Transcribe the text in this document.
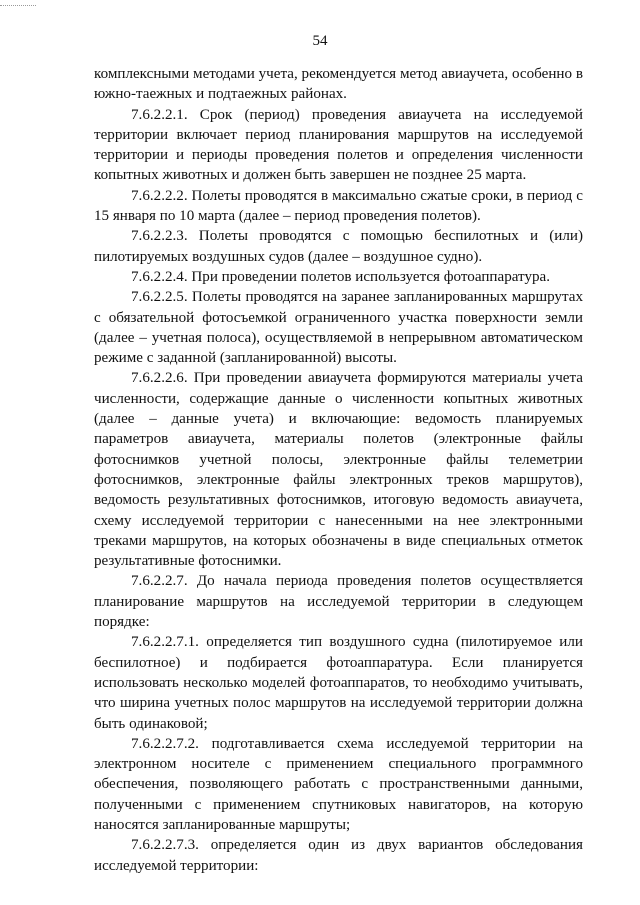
54

комплексными методами учета, рекомендуется метод авиаучета, особенно в южно-таежных и подтаежных районах.

7.6.2.2.1. Срок (период) проведения авиаучета на исследуемой территории включает период планирования маршрутов на исследуемой территории и периоды проведения полетов и определения численности копытных животных и должен быть завершен не позднее 25 марта.

7.6.2.2.2. Полеты проводятся в максимально сжатые сроки, в период с 15 января по 10 марта (далее – период проведения полетов).

7.6.2.2.3. Полеты проводятся с помощью беспилотных и (или) пилотируемых воздушных судов (далее – воздушное судно).

7.6.2.2.4. При проведении полетов используется фотоаппаратура.

7.6.2.2.5. Полеты проводятся на заранее запланированных маршрутах с обязательной фотосъемкой ограниченного участка поверхности земли (далее – учетная полоса), осуществляемой в непрерывном автоматическом режиме с заданной (запланированной) высоты.

7.6.2.2.6. При проведении авиаучета формируются материалы учета численности, содержащие данные о численности копытных животных (далее – данные учета) и включающие: ведомость планируемых параметров авиаучета, материалы полетов (электронные файлы фотоснимков учетной полосы, электронные файлы телеметрии фотоснимков, электронные файлы электронных треков маршрутов), ведомость результативных фотоснимков, итоговую ведомость авиаучета, схему исследуемой территории с нанесенными на нее электронными треками маршрутов, на которых обозначены в виде специальных отметок результативные фотоснимки.

7.6.2.2.7. До начала периода проведения полетов осуществляется планирование маршрутов на исследуемой территории в следующем порядке:

7.6.2.2.7.1. определяется тип воздушного судна (пилотируемое или беспилотное) и подбирается фотоаппаратура. Если планируется использовать несколько моделей фотоаппаратов, то необходимо учитывать, что ширина учетных полос маршрутов на исследуемой территории должна быть одинаковой;

7.6.2.2.7.2. подготавливается схема исследуемой территории на электронном носителе с применением специального программного обеспечения, позволяющего работать с пространственными данными, полученными с применением спутниковых навигаторов, на которую наносятся запланированные маршруты;

7.6.2.2.7.3. определяется один из двух вариантов обследования исследуемой территории:
